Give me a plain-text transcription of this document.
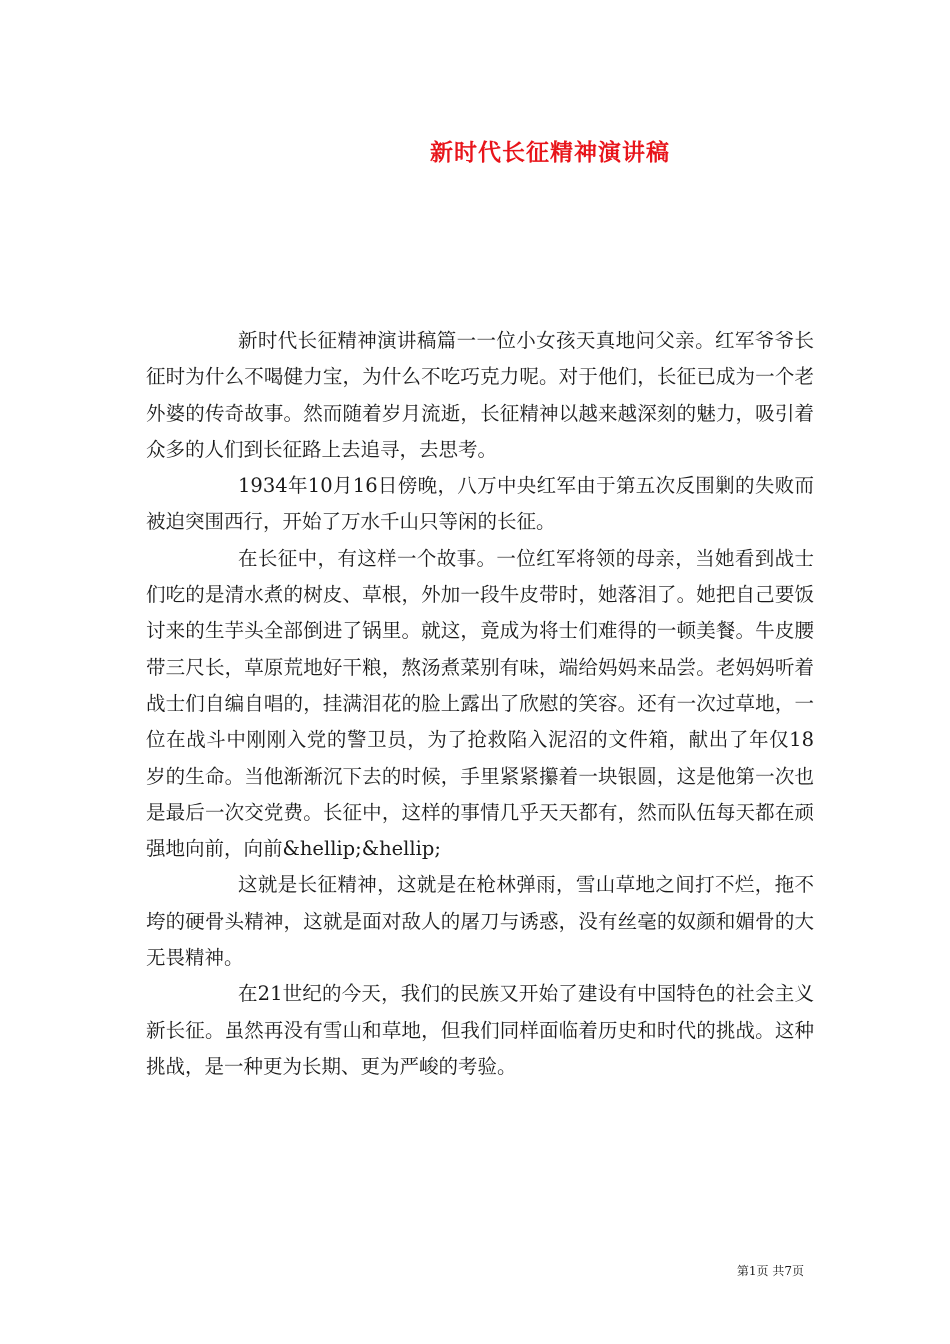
新时代长征精神演讲稿

新时代长征精神演讲稿篇一一位小女孩天真地问父亲。红军爷爷长征时为什么不喝健力宝，为什么不吃巧克力呢。对于他们，长征已成为一个老外婆的传奇故事。然而随着岁月流逝，长征精神以越来越深刻的魅力，吸引着众多的人们到长征路上去追寻，去思考。

1934年10月16日傍晚，八万中央红军由于第五次反围剿的失败而被迫突围西行，开始了万水千山只等闲的长征。

在长征中，有这样一个故事。一位红军将领的母亲，当她看到战士们吃的是清水煮的树皮、草根，外加一段牛皮带时，她落泪了。她把自己要饭讨来的生芋头全部倒进了锅里。就这，竟成为将士们难得的一顿美餐。牛皮腰带三尺长，草原荒地好干粮，熬汤煮菜别有味，端给妈妈来品尝。老妈妈听着战士们自编自唱的，挂满泪花的脸上露出了欣慰的笑容。还有一次过草地，一位在战斗中刚刚入党的警卫员，为了抢救陷入泥沼的文件箱，献出了年仅18岁的生命。当他渐渐沉下去的时候，手里紧紧攥着一块银圆，这是他第一次也是最后一次交党费。长征中，这样的事情几乎天天都有，然而队伍每天都在顽强地向前，向前&hellip;&hellip;

这就是长征精神，这就是在枪林弹雨，雪山草地之间打不烂，拖不垮的硬骨头精神，这就是面对敌人的屠刀与诱惑，没有丝毫的奴颜和媚骨的大无畏精神。

在21世纪的今天，我们的民族又开始了建设有中国特色的社会主义新长征。虽然再没有雪山和草地，但我们同样面临着历史和时代的挑战。这种挑战，是一种更为长期、更为严峻的考验。

第1页 共7页
